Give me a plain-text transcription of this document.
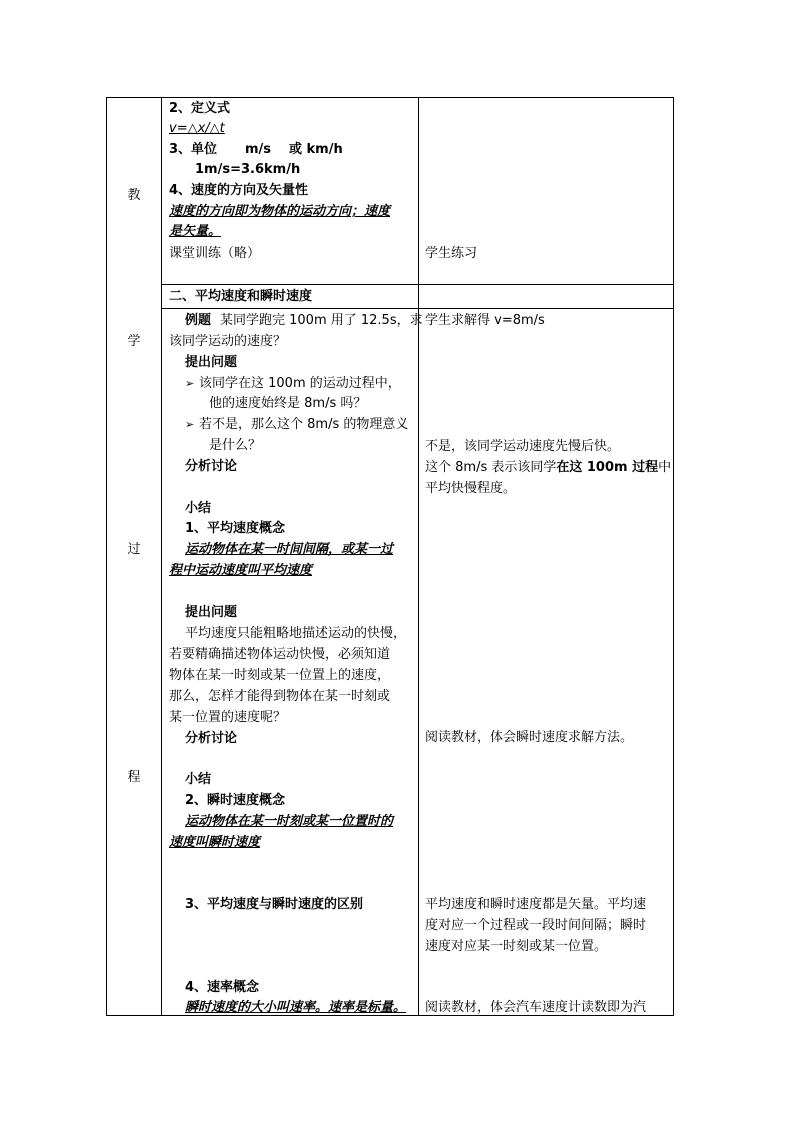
教
学
过
程
2、定义式
v=△x/△t
3、单位 m/s 或 km/h
1m/s=3.6km/h
4、速度的方向及矢量性
速度的方向即为物体的运动方向；速度
是矢量。
课堂训练（略）	学生练习
二、平均速度和瞬时速度
例题 某同学跑完 100m 用了 12.5s，求
该同学运动的速度？
提出问题
➢ 该同学在这 100m 的运动过程中，
他的速度始终是 8m/s 吗？
➢ 若不是，那么这个 8m/s 的物理意义
是什么？
分析讨论
小结
1、平均速度概念
运动物体在某一时间间隔，或某一过
程中运动速度叫平均速度
提出问题
平均速度只能粗略地描述运动的快慢，
若要精确描述物体运动快慢，必须知道
物体在某一时刻或某一位置上的速度，
那么，怎样才能得到物体在某一时刻或
某一位置的速度呢？
分析讨论
小结
2、瞬时速度概念
运动物体在某一时刻或某一位置时的
速度叫瞬时速度
3、平均速度与瞬时速度的区别
4、速率概念
瞬时速度的大小叫速率。速率是标量。
学生求解得 v=8m/s
不是，该同学运动速度先慢后快。
这个 8m/s 表示该同学在这 100m 过程中
平均快慢程度。
阅读教材，体会瞬时速度求解方法。
平均速度和瞬时速度都是矢量。平均速
度对应一个过程或一段时间间隔；瞬时
速度对应某一时刻或某一位置。
阅读教材，体会汽车速度计读数即为汽
